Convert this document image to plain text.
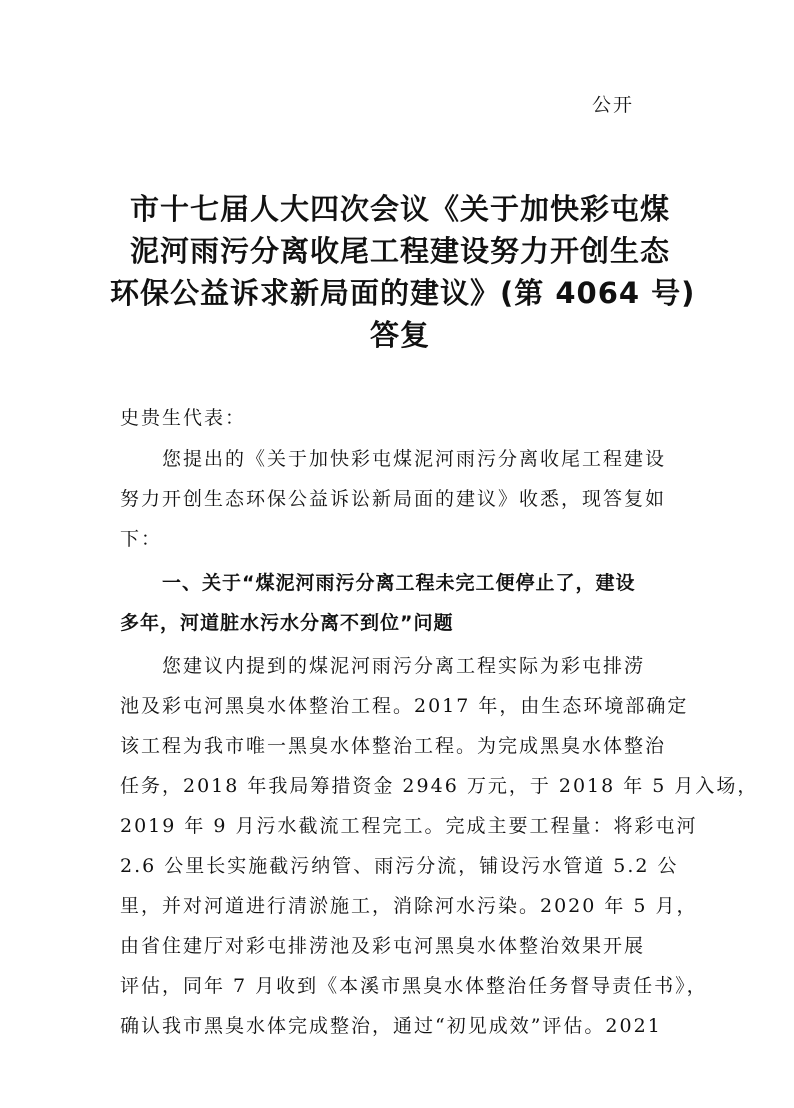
公开
市十七届人大四次会议《关于加快彩屯煤
泥河雨污分离收尾工程建设努力开创生态
环保公益诉求新局面的建议》(第 4064 号)
答复
史贵生代表：
您提出的《关于加快彩屯煤泥河雨污分离收尾工程建设
努力开创生态环保公益诉讼新局面的建议》收悉，现答复如
下：
一、关于“煤泥河雨污分离工程未完工便停止了，建设
多年，河道脏水污水分离不到位”问题
您建议内提到的煤泥河雨污分离工程实际为彩屯排涝
池及彩屯河黑臭水体整治工程。2017 年，由生态环境部确定
该工程为我市唯一黑臭水体整治工程。为完成黑臭水体整治
任务，2018 年我局筹措资金 2946 万元，于 2018 年 5 月入场，
2019 年 9 月污水截流工程完工。完成主要工程量：将彩屯河
2.6 公里长实施截污纳管、雨污分流，铺设污水管道 5.2 公
里，并对河道进行清淤施工，消除河水污染。2020 年 5 月，
由省住建厅对彩屯排涝池及彩屯河黑臭水体整治效果开展
评估，同年 7 月收到《本溪市黑臭水体整治任务督导责任书》，
确认我市黑臭水体完成整治，通过“初见成效”评估。2021
